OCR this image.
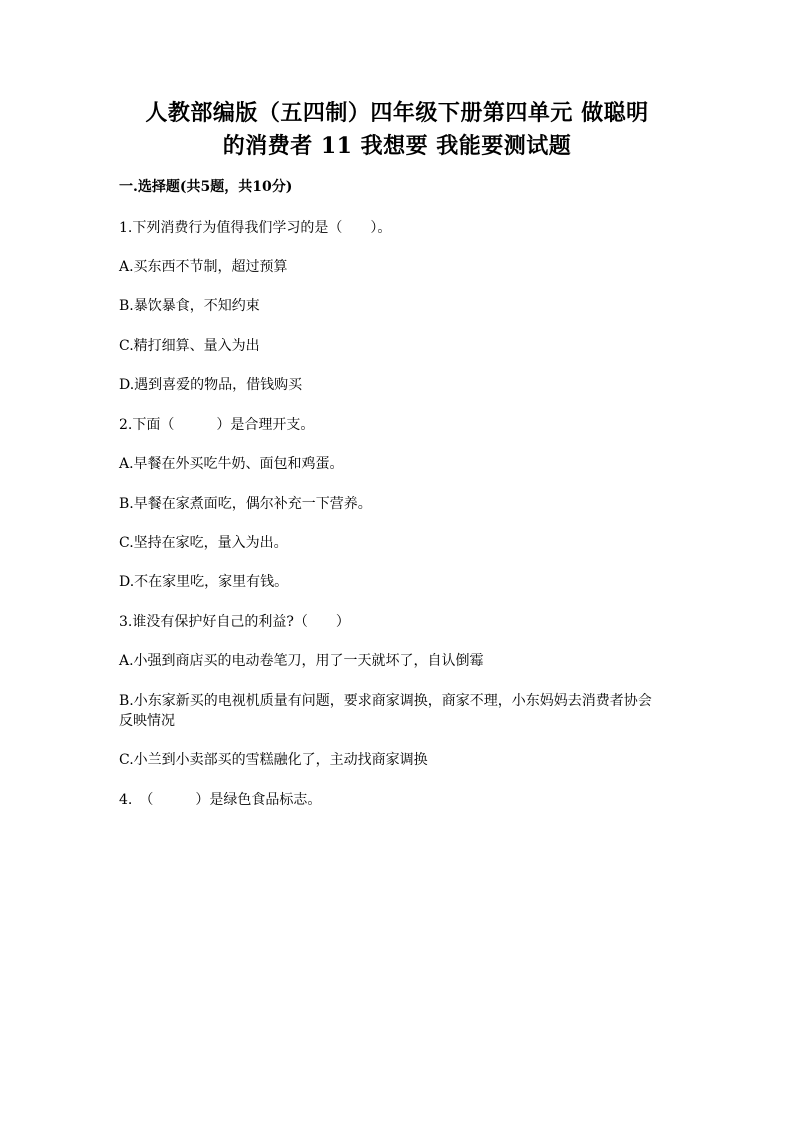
人教部编版（五四制）四年级下册第四单元 做聪明
的消费者 11 我想要 我能要测试题
一.选择题(共5题，共10分)
1.下列消费行为值得我们学习的是（　　）。
A.买东西不节制，超过预算
B.暴饮暴食，不知约束
C.精打细算、量入为出
D.遇到喜爱的物品，借钱购买
2.下面（　　　）是合理开支。
A.早餐在外买吃牛奶、面包和鸡蛋。
B.早餐在家煮面吃，偶尔补充一下营养。
C.坚持在家吃，量入为出。
D.不在家里吃，家里有钱。
3.谁没有保护好自己的利益?（　　）
A.小强到商店买的电动卷笔刀，用了一天就坏了，自认倒霉
B.小东家新买的电视机质量有问题，要求商家调换，商家不理，小东妈妈去消费者协会反映情况
C.小兰到小卖部买的雪糕融化了，主动找商家调换
4.　（　　　）是绿色食品标志。
